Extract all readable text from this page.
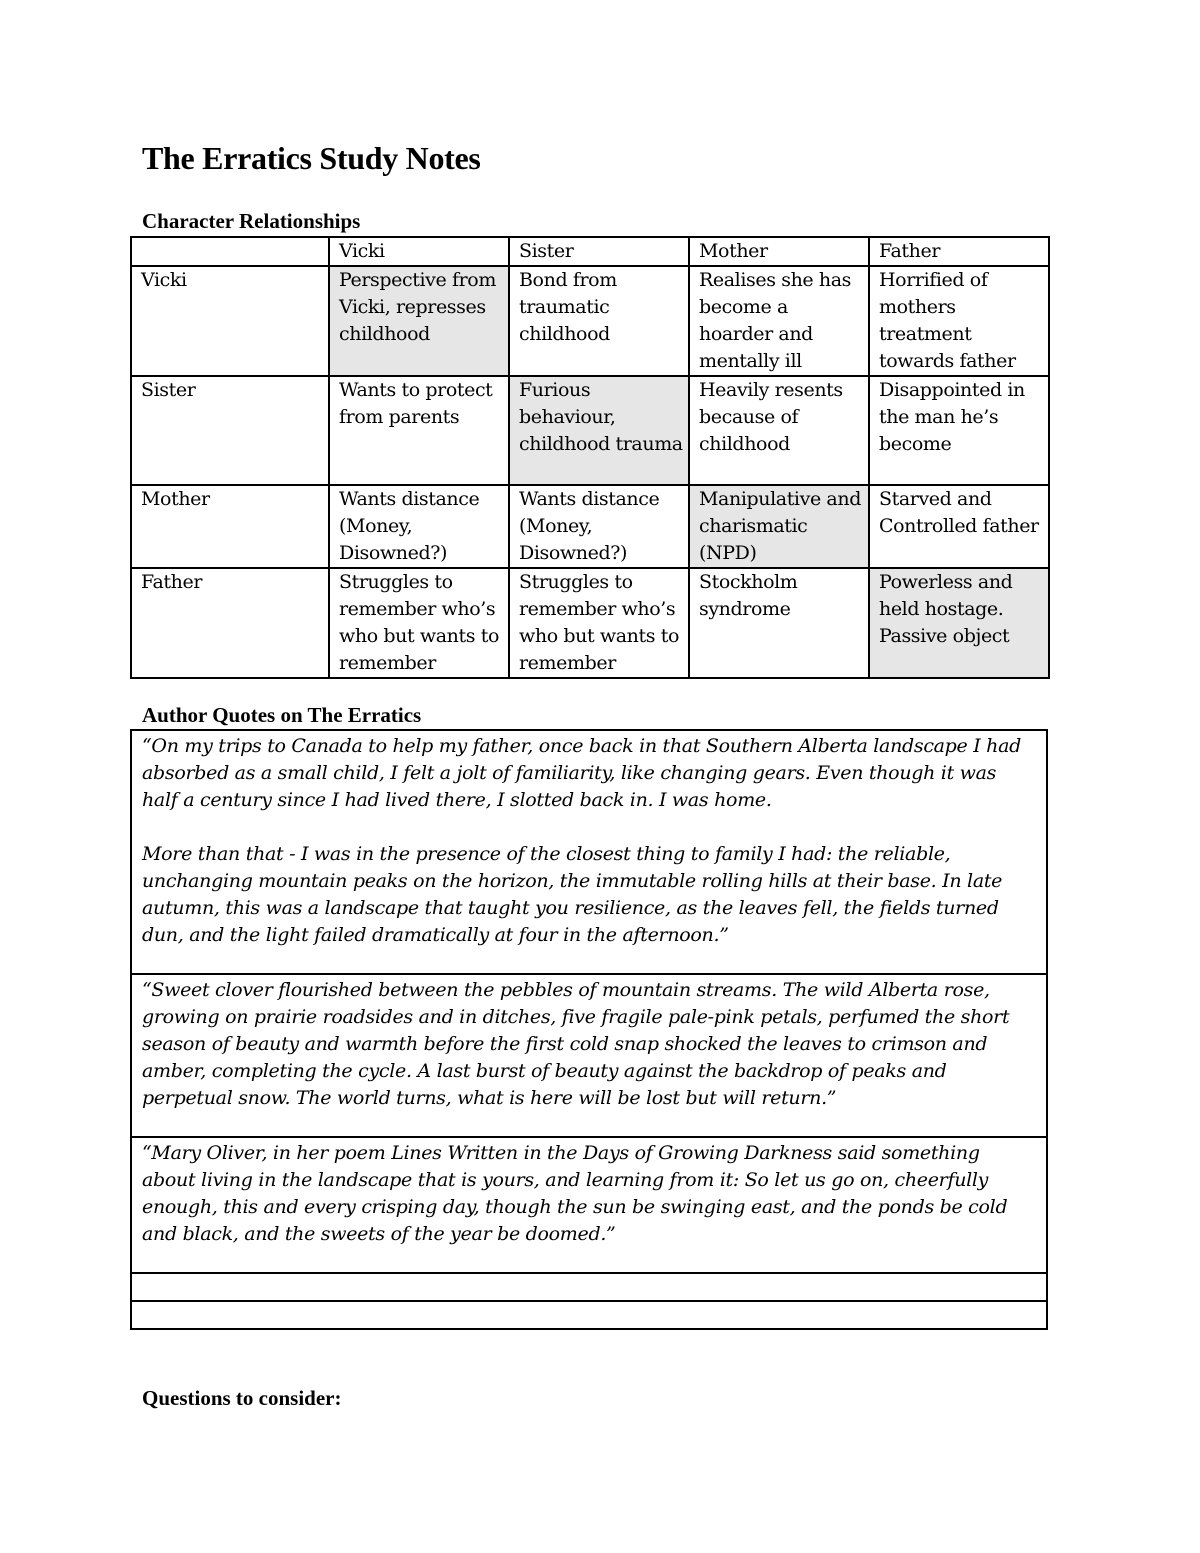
The Erratics Study Notes
Character Relationships
	Vicki	Sister	Mother	Father
Vicki	Perspective from Vicki, represses childhood	Bond from traumatic childhood	Realises she has become a hoarder and mentally ill	Horrified of mothers treatment towards father
Sister	Wants to protect from parents	Furious behaviour, childhood trauma	Heavily resents because of childhood	Disappointed in the man he’s become
Mother	Wants distance (Money, Disowned?)	Wants distance (Money, Disowned?)	Manipulative and charismatic (NPD)	Starved and Controlled father
Father	Struggles to remember who’s who but wants to remember	Struggles to remember who’s who but wants to remember	Stockholm syndrome	Powerless and held hostage. Passive object
Author Quotes on The Erratics

“On my trips to Canada to help my father, once back in that Southern Alberta landscape I had absorbed as a small child, I felt a jolt of familiarity, like changing gears. Even though it was half a century since I had lived there, I slotted back in. I was home.

More than that - I was in the presence of the closest thing to family I had: the reliable, unchanging mountain peaks on the horizon, the immutable rolling hills at their base. In late autumn, this was a landscape that taught you resilience, as the leaves fell, the fields turned dun, and the light failed dramatically at four in the afternoon.”

“Sweet clover flourished between the pebbles of mountain streams. The wild Alberta rose, growing on prairie roadsides and in ditches, five fragile pale-pink petals, perfumed the short season of beauty and warmth before the first cold snap shocked the leaves to crimson and amber, completing the cycle. A last burst of beauty against the backdrop of peaks and perpetual snow. The world turns, what is here will be lost but will return.”

“Mary Oliver, in her poem Lines Written in the Days of Growing Darkness said something about living in the landscape that is yours, and learning from it: So let us go on, cheerfully enough, this and every crisping day, though the sun be swinging east, and the ponds be cold and black, and the sweets of the year be doomed.”

Questions to consider:
